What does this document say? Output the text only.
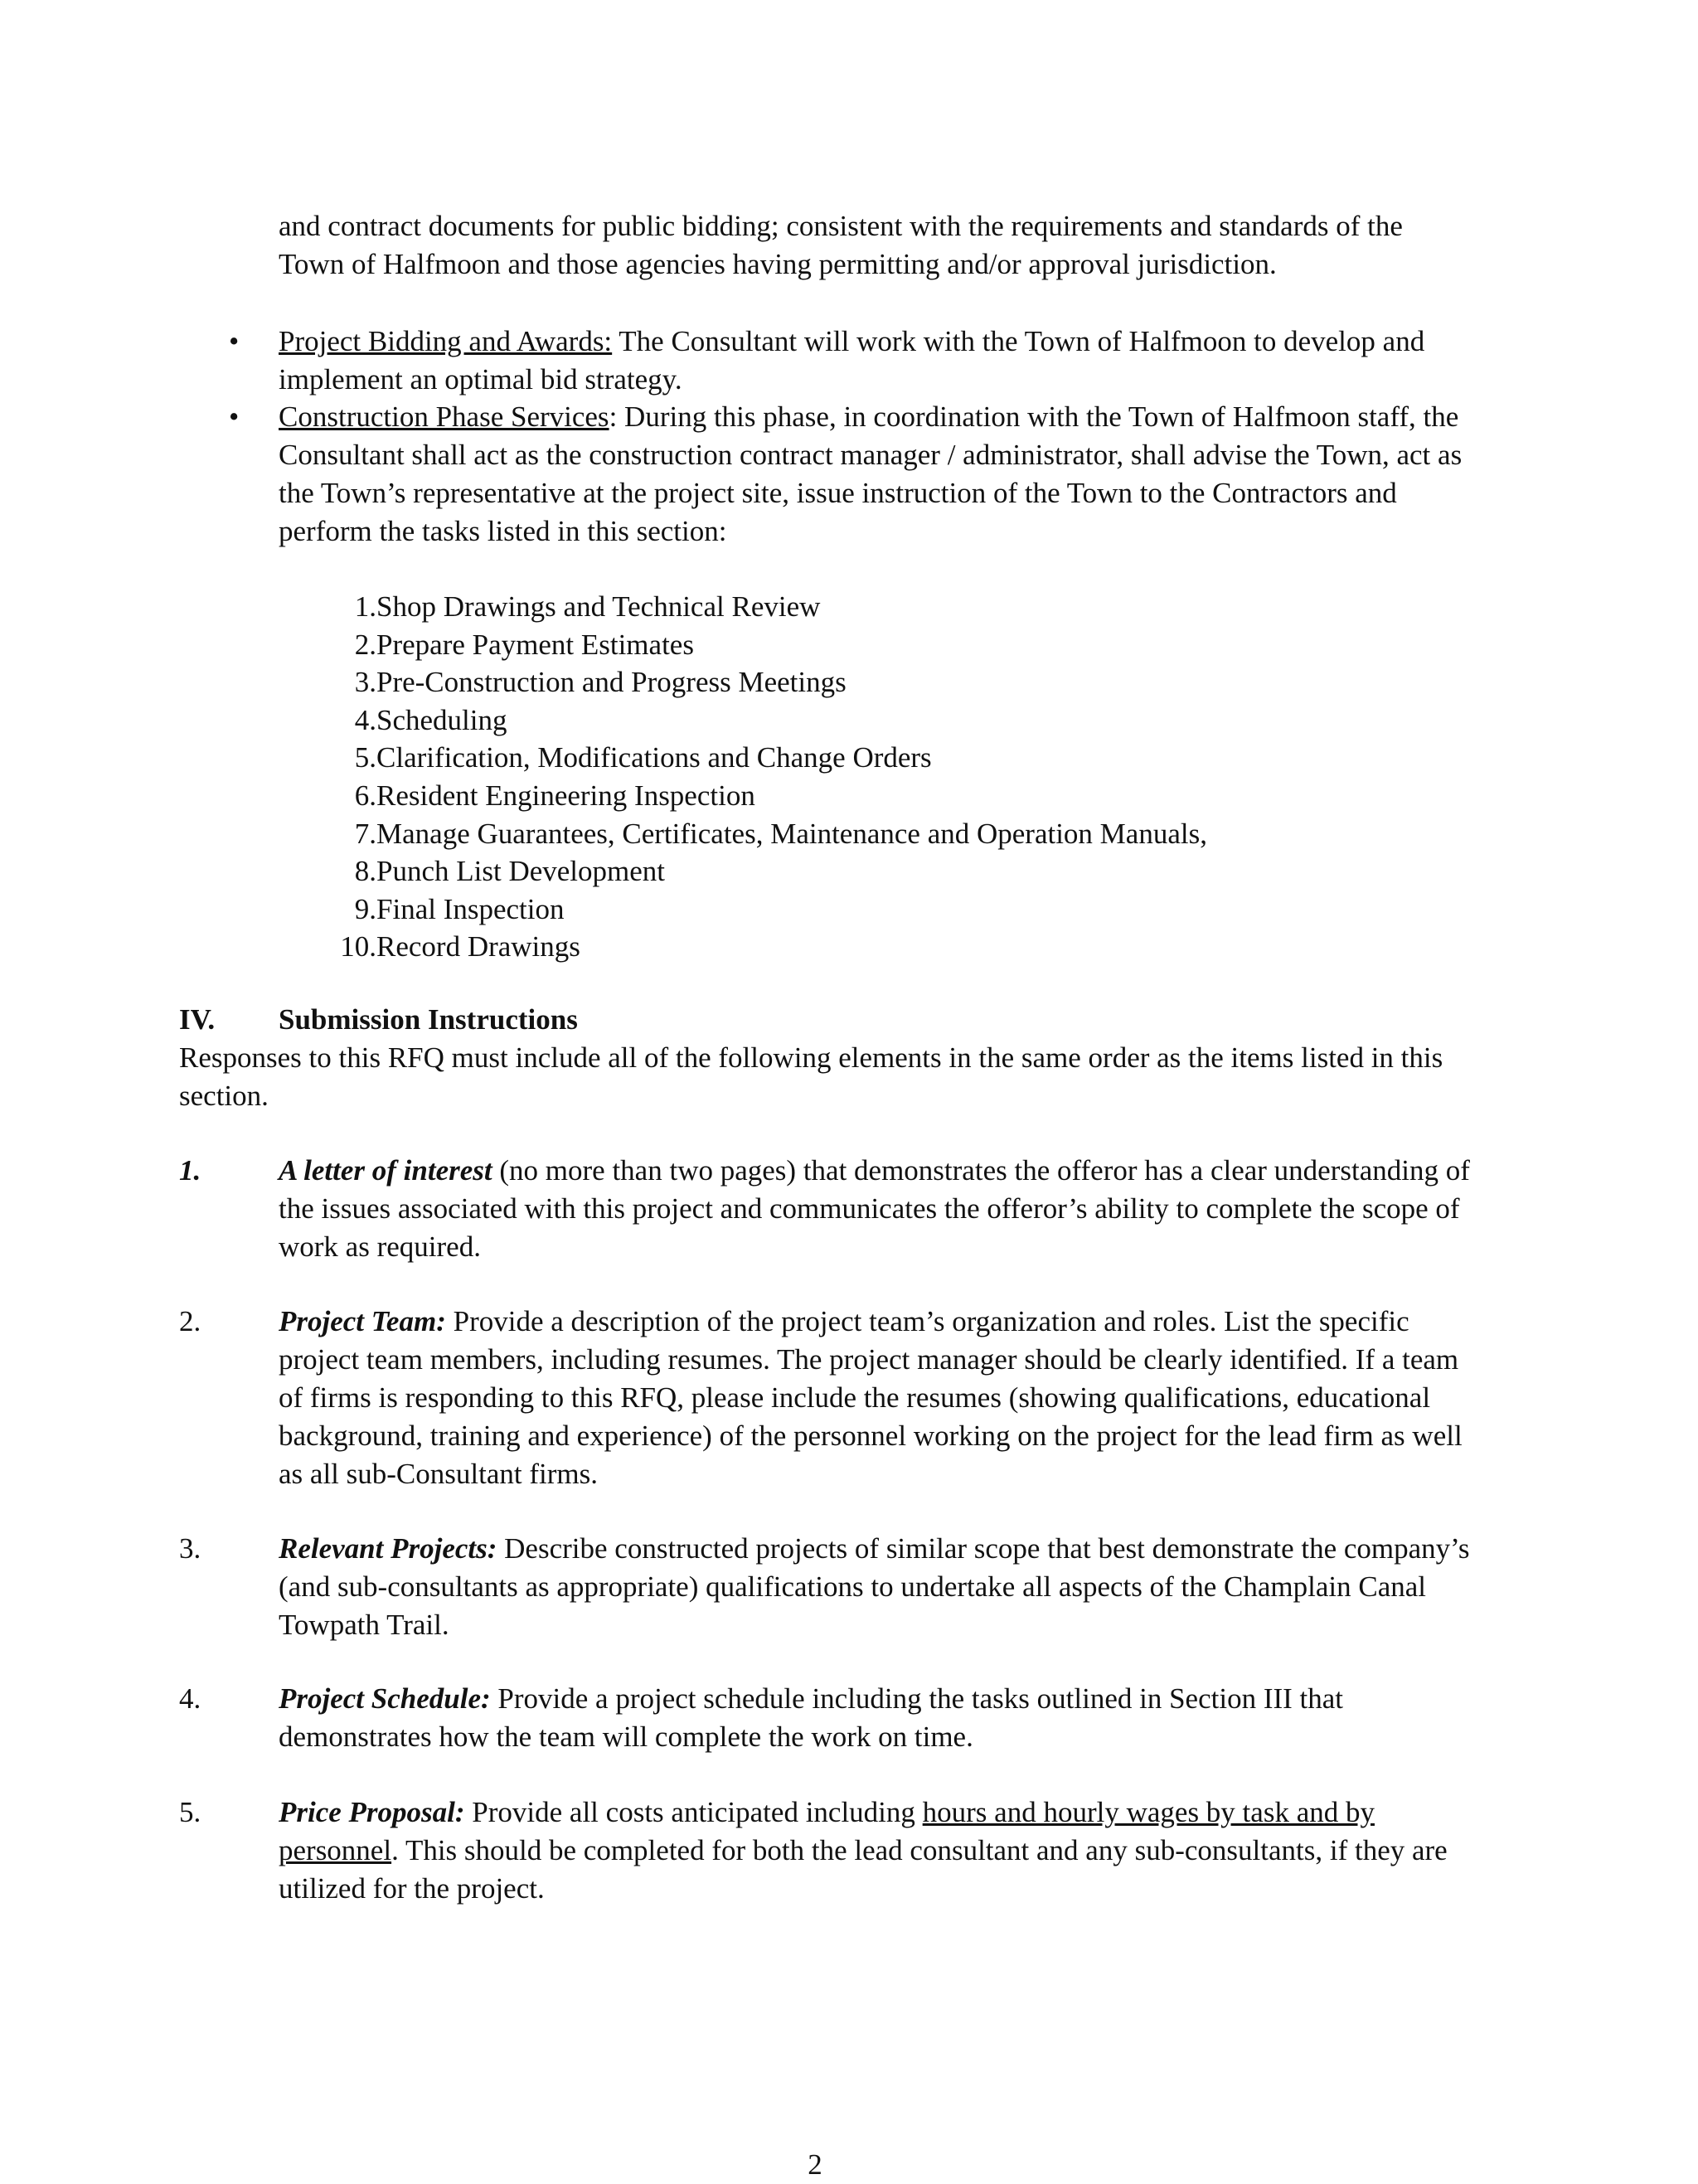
and contract documents for public bidding; consistent with the requirements and standards of the Town of Halfmoon and those agencies having permitting and/or approval jurisdiction.

•	Project Bidding and Awards: The Consultant will work with the Town of Halfmoon to develop and implement an optimal bid strategy.

•	Construction Phase Services: During this phase, in coordination with the Town of Halfmoon staff, the Consultant shall act as the construction contract manager / administrator, shall advise the Town, act as the Town’s representative at the project site, issue instruction of the Town to the Contractors and perform the tasks listed in this section:

1. Shop Drawings and Technical Review
2. Prepare Payment Estimates
3. Pre-Construction and Progress Meetings
4. Scheduling
5. Clarification, Modifications and Change Orders
6. Resident Engineering Inspection
7. Manage Guarantees, Certificates, Maintenance and Operation Manuals,
8. Punch List Development
9. Final Inspection
10. Record Drawings
IV. Submission Instructions

Responses to this RFQ must include all of the following elements in the same order as the items listed in this section.

1.	A letter of interest (no more than two pages) that demonstrates the offeror has a clear understanding of the issues associated with this project and communicates the offeror’s ability to complete the scope of work as required.

2.	Project Team: Provide a description of the project team’s organization and roles. List the specific project team members, including resumes. The project manager should be clearly identified. If a team of firms is responding to this RFQ, please include the resumes (showing qualifications, educational background, training and experience) of the personnel working on the project for the lead firm as well as all sub-Consultant firms.

3.	Relevant Projects: Describe constructed projects of similar scope that best demonstrate the company’s (and sub-consultants as appropriate) qualifications to undertake all aspects of the Champlain Canal Towpath Trail.

4.	Project Schedule: Provide a project schedule including the tasks outlined in Section III that demonstrates how the team will complete the work on time.

5.	Price Proposal: Provide all costs anticipated including hours and hourly wages by task and by personnel. This should be completed for both the lead consultant and any sub-consultants, if they are utilized for the project.

2
